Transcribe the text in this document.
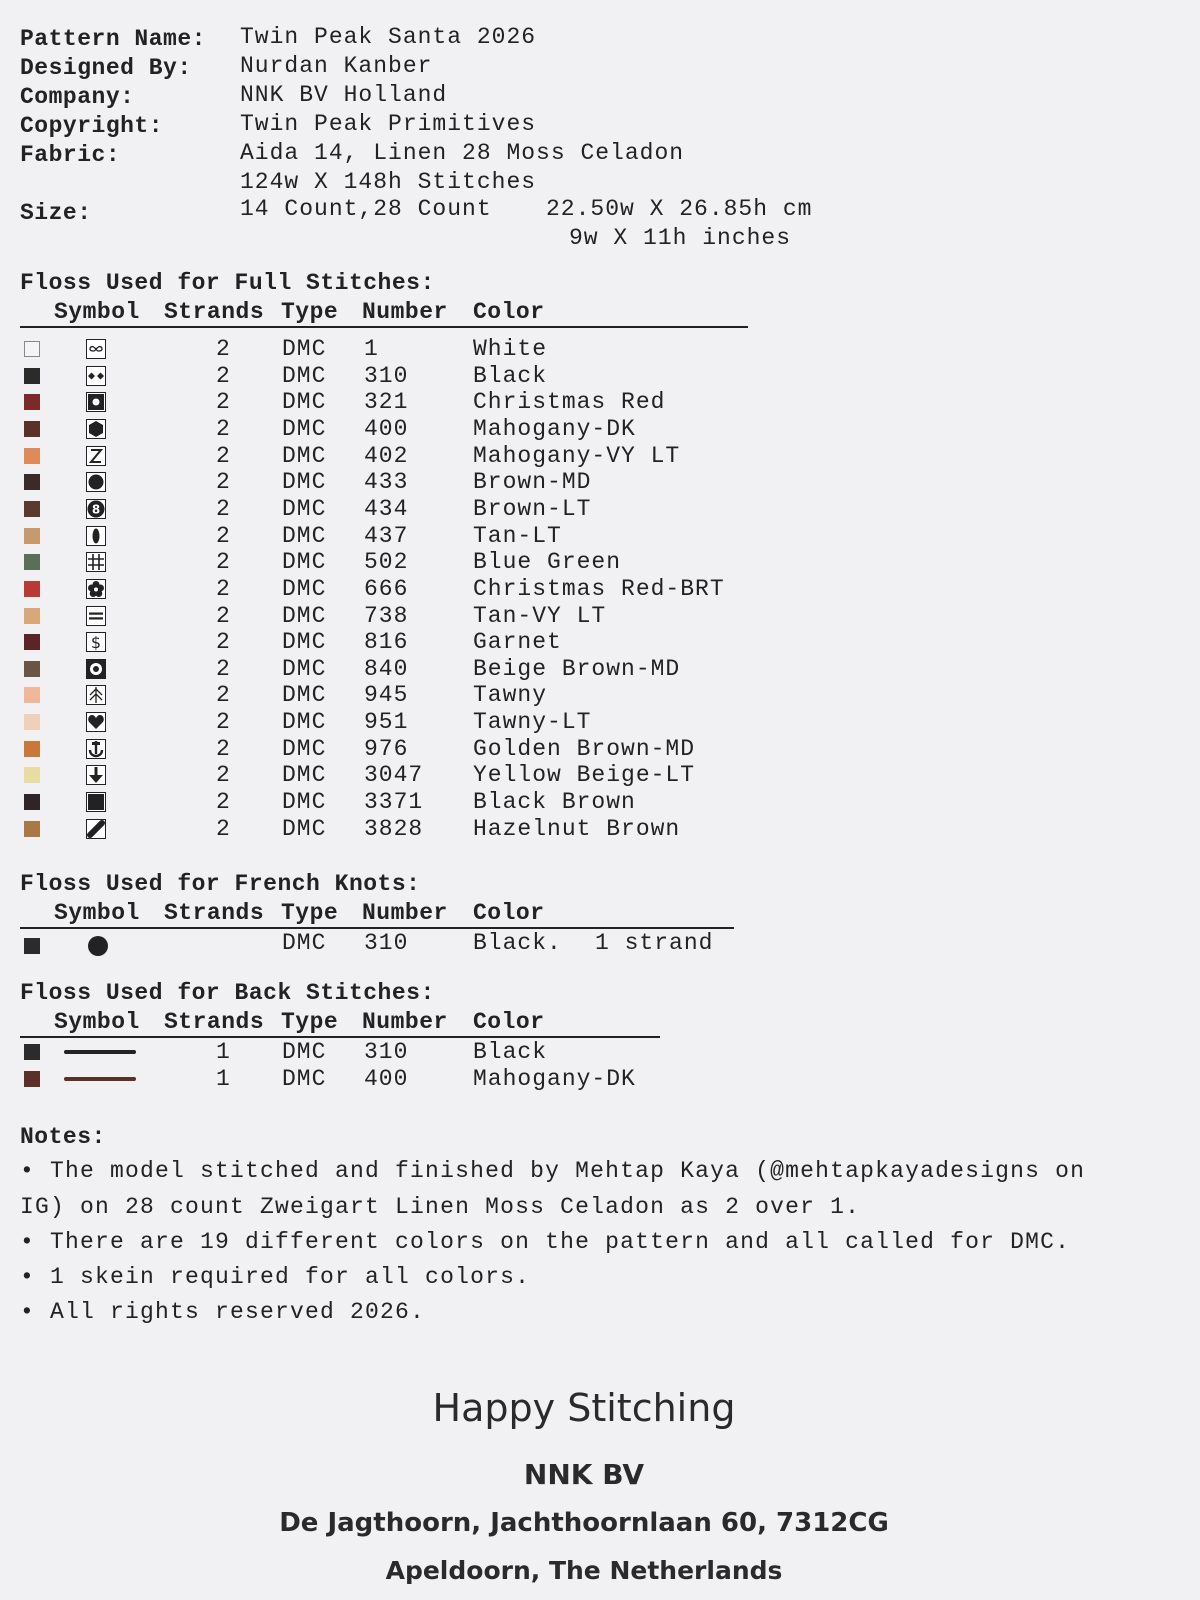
Pattern Name: Twin Peak Santa 2026
Designed By: Nurdan Kanber
Company:	NNK BV Holland
Copyright:	Twin Peak Primitives
Fabric:	Aida 14, Linen 28 Moss Celadon
124w X 148h Stitches
Size:	14 Count,28 Count 22.50w X 26.85h cm
9w X 11h inches
Floss Used for Full Stitches:
Symbol Strands Type Number Color
2 DMC 1	White
2 DMC 310	Black
2 DMC 321	Christmas Red
2 DMC 400	Mahogany-DK
2 DMC 402	Mahogany-VY LT
2 DMC 433	Brown-MD
8	2 DMC 434	Brown-LT
2 DMC 437	Tan-LT
2 DMC 502	Blue Green
2 DMC 666	Christmas Red-BRT
2 DMC 738	Tan-VY LT
$	2 DMC 816	Garnet
2 DMC 840	Beige Brown-MD
2 DMC 945	Tawny
2 DMC 951	Tawny-LT
2 DMC 976	Golden Brown-MD
2 DMC 3047 Yellow Beige-LT
2 DMC 3371 Black Brown
2 DMC 3828 Hazelnut Brown
Floss Used for French Knots:
Symbol Strands Type Number Color
DMC 310	Black. 1 strand
Floss Used for Back Stitches:
Symbol Strands Type Number Color
1 DMC 310	Black
1 DMC 400	Mahogany-DK
Notes:
• The model stitched and finished by Mehtap Kaya (@mehtapkayadesigns on
IG) on 28 count Zweigart Linen Moss Celadon as 2 over 1.
• There are 19 different colors on the pattern and all called for DMC.
• 1 skein required for all colors.
• All rights reserved 2026.
Happy Stitching
NNK BV
De Jagthoorn, Jachthoornlaan 60, 7312CG
Apeldoorn, The Netherlands
